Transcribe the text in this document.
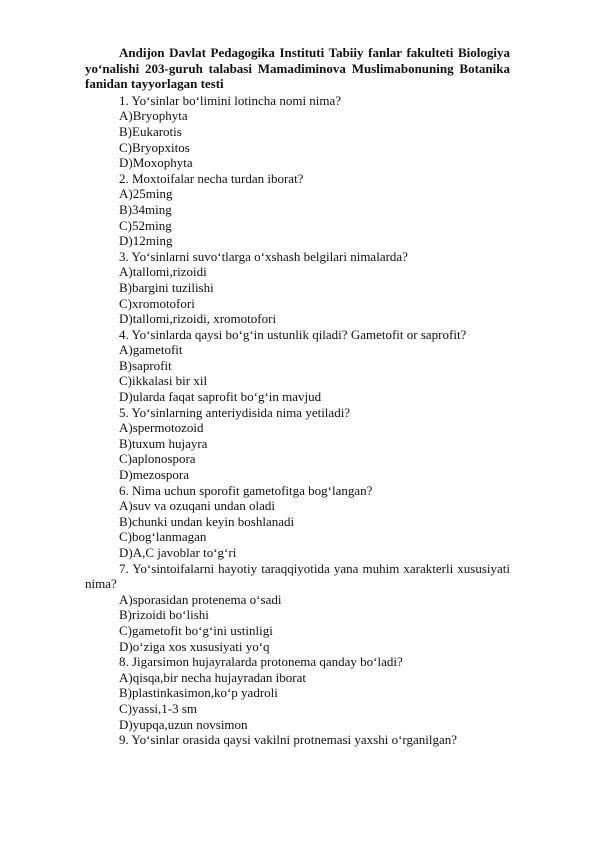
Andijon Davlat Pedagogika Instituti Tabiiy fanlar fakulteti Biologiya yo‘nalishi 203-guruh talabasi Mamadiminova Muslimabonuning Botanika fanidan tayyorlagan testi
1. Yo‘sinlar bo‘limini lotincha nomi nima?
A)Bryophyta
B)Eukarotis
C)Bryopxitos
D)Moxophyta
2. Moxtoifalar necha turdan iborat?
A)25ming
B)34ming
C)52ming
D)12ming
3. Yo‘sinlarni suvo‘tlarga o‘xshash belgilari nimalarda?
A)tallomi,rizoidi
B)bargini tuzilishi
C)xromotofori
D)tallomi,rizoidi, xromotofori
4. Yo‘sinlarda qaysi bo‘g‘in ustunlik qiladi? Gametofit or saprofit?
A)gametofit
B)saprofit
C)ikkalasi bir xil
D)ularda faqat saprofit bo‘g‘in mavjud
5. Yo‘sinlarning anteriydisida nima yetiladi?
A)spermotozoid
B)tuxum hujayra
C)aplonospora
D)mezospora
6. Nima uchun sporofit gametofitga bog‘langan?
A)suv va ozuqani undan oladi
B)chunki undan keyin boshlanadi
C)bog‘lanmagan
D)A,C javoblar to‘g‘ri
7. Yo‘sintoifalarni hayotiy taraqqiyotida yana muhim xarakterli xususiyati nima?
A)sporasidan protenema o‘sadi
B)rizoidi bo‘lishi
C)gametofit bo‘g‘ini ustinligi
D)o‘ziga xos xususiyati yo‘q
8. Jigarsimon hujayralarda protonema qanday bo‘ladi?
A)qisqa,bir necha hujayradan iborat
B)plastinkasimon,ko‘p yadroli
C)yassi,1-3 sm
D)yupqa,uzun novsimon
9. Yo‘sinlar orasida qaysi vakilni protnemasi yaxshi o‘rganilgan?
